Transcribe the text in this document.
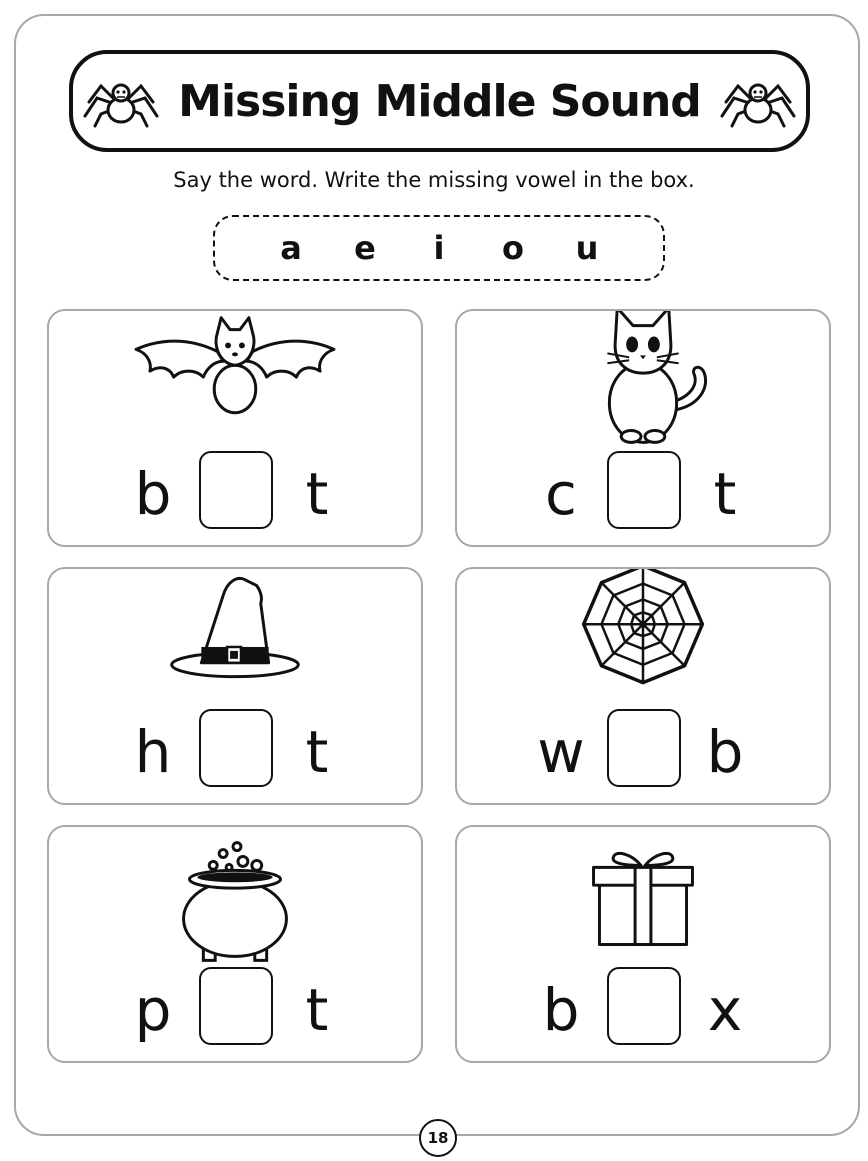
Missing Middle Sound
Say the word. Write the missing vowel in the box.
a e i o u
b	t	c	t
h	t	w b
p	t	b x
18
